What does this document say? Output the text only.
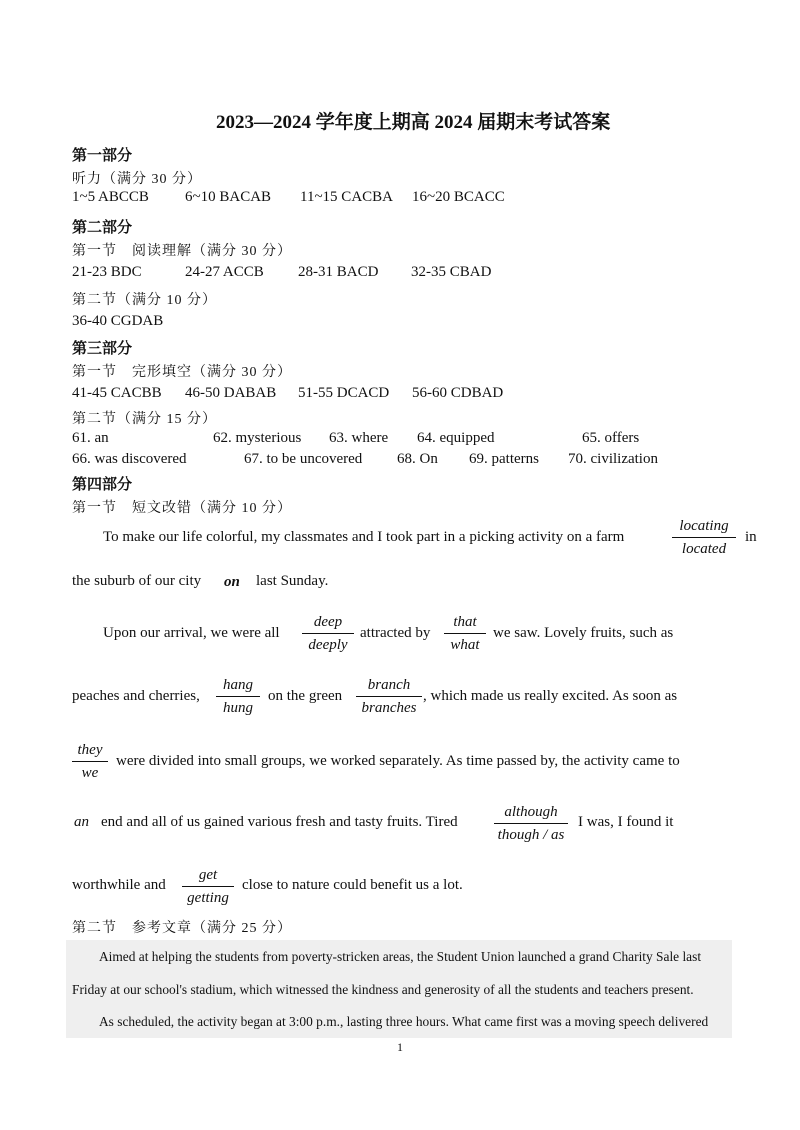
2023—2024 学年度上期高 2024 届期末考试答案
第一部分
听力（满分 30 分）
1~5 ABCCB 6~10 BACAB 11~15 CACBA 16~20 BCACC
第二部分
第一节　阅读理解（满分 30 分）
21-23 BDC	24-27 ACCB 28-31 BACD 32-35 CBAD
第二节（满分 10 分）
36-40 CGDAB
第三部分
第一节　完形填空（满分 30 分）
41-45 CACBB 46-50 DABAB 51-55 DCACD 56-60 CDBAD
第二节（满分 15 分）
61. an	62. mysterious 63. where 64. equipped	65. offers
66. was discovered	67. to be uncovered 68. On 69. patterns 70. civilization
第四部分
第一节　短文改错（满分 10 分）
To make our life colorful, my classmates and I took part in a picking activity on a farm
locating
located
in
the suburb of our city on last Sunday.
Upon our arrival, we were all
deep
deeply
attracted by
that
what
we saw. Lovely fruits, such as
peaches and cherries,
hang
hung
on the green
branch
branches
, which made us really excited. As soon as
they
we
were divided into small groups, we worked separately. As time passed by, the activity came to
an end and all of us gained various fresh and tasty fruits. Tired
although
though / as
I was, I found it
worthwhile and
get
getting
close to nature could benefit us a lot.
第二节　参考文章（满分 25 分）
Aimed at helping the students from poverty-stricken areas, the Student Union launched a grand Charity Sale last
Friday at our school's stadium, which witnessed the kindness and generosity of all the students and teachers present.
As scheduled, the activity began at 3:00 p.m., lasting three hours. What came first was a moving speech delivered
1
